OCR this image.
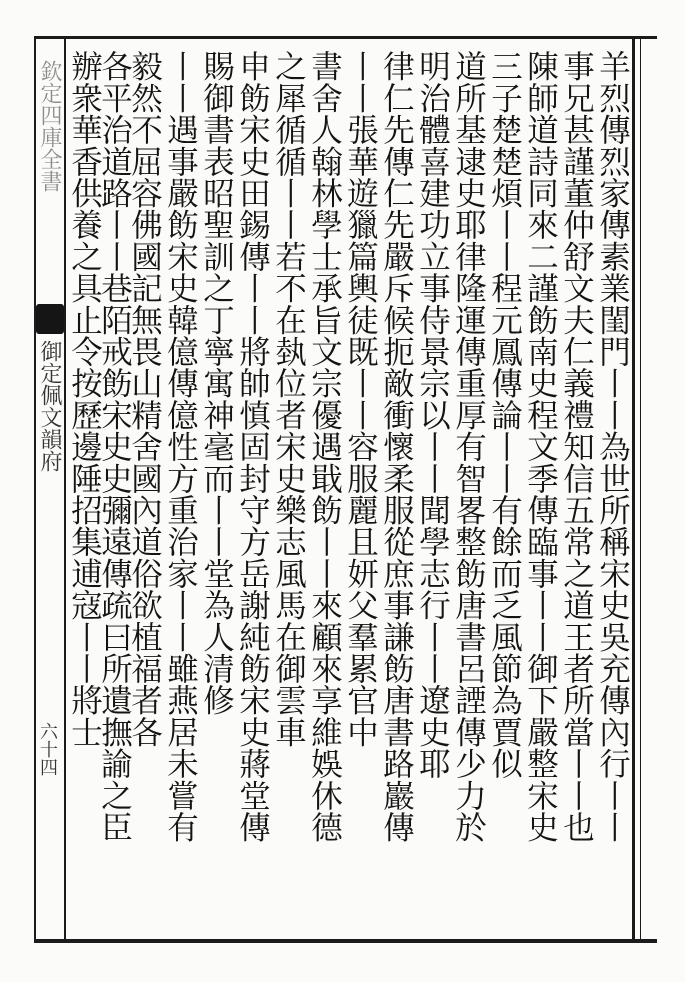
欽定四庫全書
御定佩文韻府
六十四	羊烈傳烈家傳素業閨門丨丨為世所稱宋史吳充傳內行丨丨
事兄甚謹董仲舒文夫仁義禮知信五常之道王者所當丨丨也
陳師道詩同來二謹飭南史程文季傳臨事丨丨御下嚴整宋史
三子楚楚煩丨丨程元鳳傳論丨丨有餘而乏風節為賈似
道所基逮史耶律隆運傳重厚有智畧整飭唐書呂諲傳少力於
明治體喜建功立事侍景宗以丨丨聞學志行丨丨遼史耶
律仁先傳仁先嚴斥候扼敵衝懷柔服從庶事謙飭唐書路巖傳
丨丨張華遊獵篇輿徒既丨丨容服麗且妍父羣累官中
書舍人翰林學士承旨文宗優遇戢飭丨丨來顧來享維娛休德
之犀循循丨丨若不在埶位者宋史樂志風馬在御雲車
申飭宋史田錫傳丨丨將帥慎固封守方岳謝純飭宋史蔣堂傳
賜御書表昭聖訓之丁寧寓神毫而丨丨堂為人清修
丨丨遇事嚴飭宋史韓億傳億性方重治家丨丨雖燕居未嘗有
毅然不屈容佛國記無畏山精舍國內道俗欲植福者各
各平治道路丨丨巷陌戒飭宋史史彌遠傳疏曰所遺撫諭之臣
辦衆華香供養之具止令按歷邊陲招集逋寇丨丨將士
